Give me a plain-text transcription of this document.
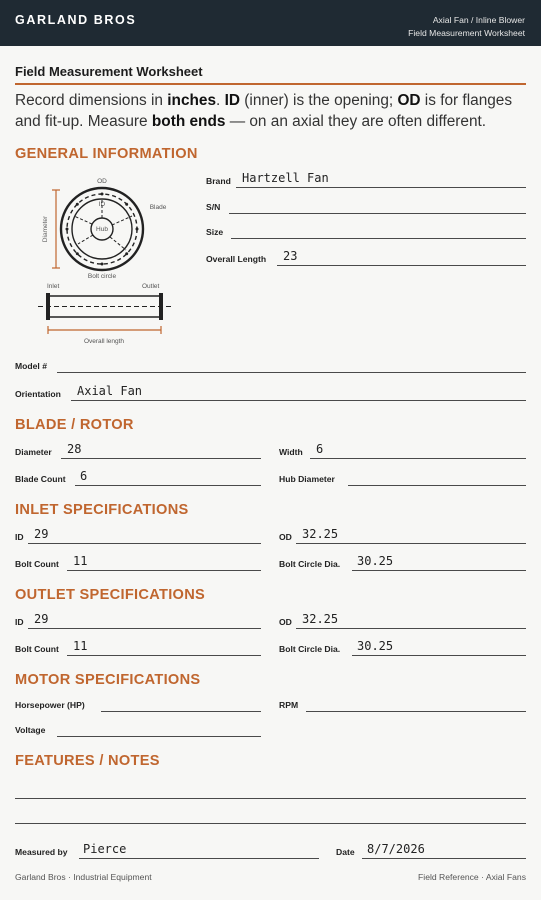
GARLAND BROS	Axial Fan / Inline Blower
Field Measurement Worksheet
Field Measurement Worksheet
Record dimensions in inches. ID (inner) is the opening; OD is for flanges and fit-up. Measure both ends — on an axial they are often different.
GENERAL INFORMATION
Diameter
OD
ID	Blade
Hub
Bolt circle
Inlet	Outlet
Overall length
Brand Hartzell Fan
S/N
Size
Overall Length 23
Model #
Orientation Axial Fan
BLADE / ROTOR
Diameter 28	Width 6
Blade Count 6	Hub Diameter
INLET SPECIFICATIONS
ID 29	OD 32.25
Bolt Count 11	Bolt Circle Dia. 30.25
OUTLET SPECIFICATIONS
ID 29	OD 32.25
Bolt Count 11	Bolt Circle Dia. 30.25
MOTOR SPECIFICATIONS
Horsepower (HP)	RPM
Voltage
FEATURES / NOTES
Measured by Pierce	Date 8/7/2026
Garland Bros · Industrial Equipment	Field Reference · Axial Fans
